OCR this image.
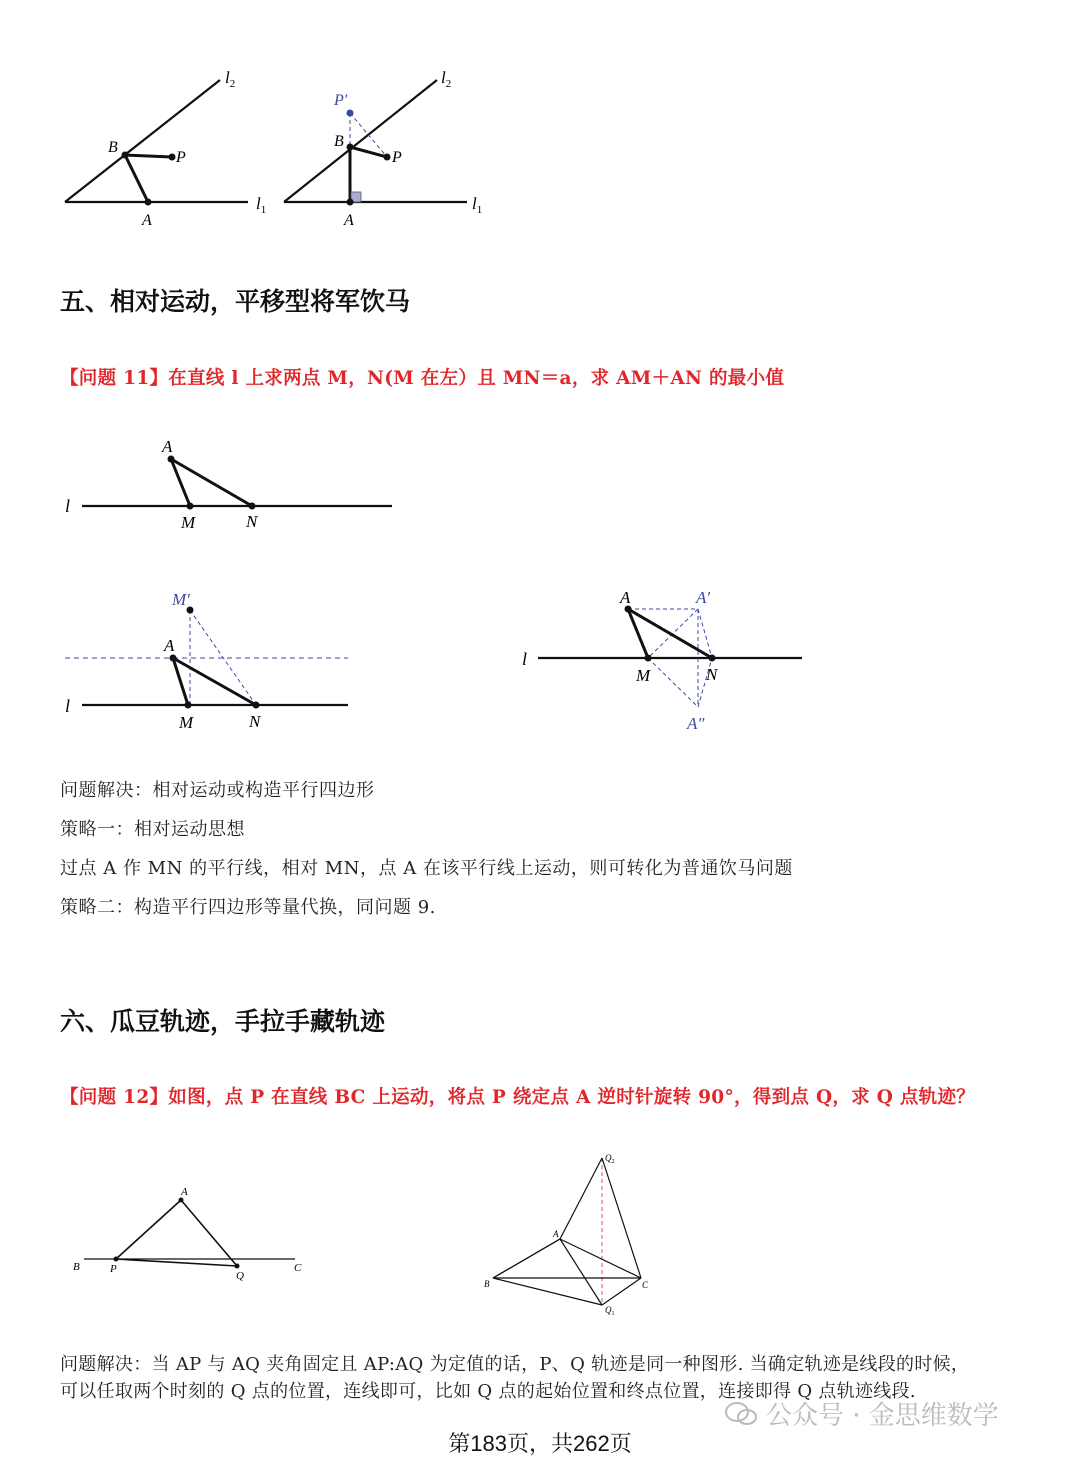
$l_2$
B
P
A
$l_1$
$l_2$
P′
B
P
A
$l_1$
五、相对运动，平移型将军饮马
【问题 11】在直线 l 上求两点 M，N(M 在左）且 MN＝a，求 AM＋AN 的最小值
A
l
M	N
M′
A
l
M	N
A	A′
l
M	N
A″
问题解决：相对运动或构造平行四边形
策略一：相对运动思想
过点 A 作 MN 的平行线，相对 MN，点 A 在该平行线上运动，则可转化为普通饮马问题
策略二：构造平行四边形等量代换，同问题 9.
六、瓜豆轨迹，手拉手藏轨迹
【问题 12】如图，点 P 在直线 BC 上运动，将点 P 绕定点 A 逆时针旋转 90°，得到点 Q，求 Q 点轨迹？
A
B	P
Q
C
$Q_2$
A
B	C
$Q_1$
问题解决：当 AP 与 AQ 夹角固定且 AP:AQ 为定值的话，P、Q 轨迹是同一种图形. 当确定轨迹是线段的时候，
可以任取两个时刻的 Q 点的位置，连线即可，比如 Q 点的起始位置和终点位置，连接即得 Q 点轨迹线段.
公众号 · 金思维数学
第183页，共262页
